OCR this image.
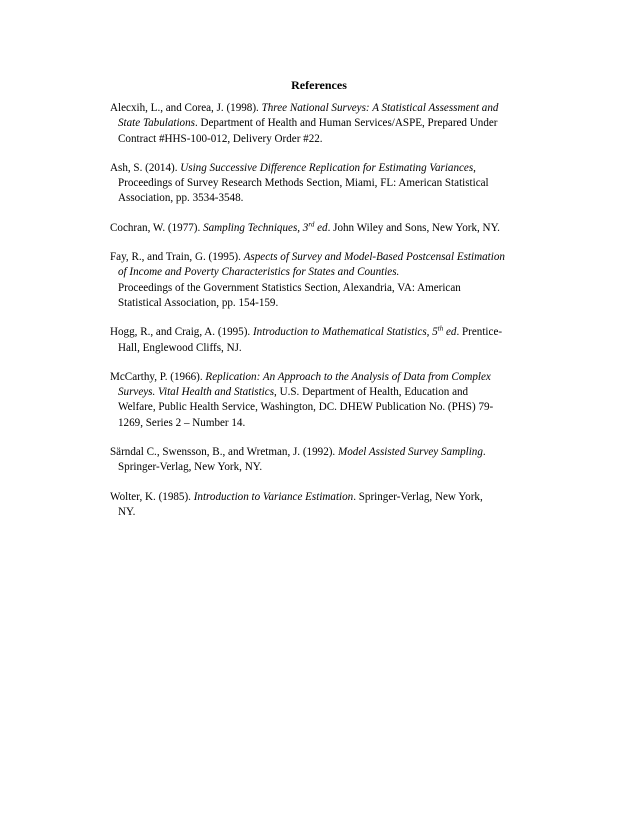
References
Alecxih, L., and Corea, J. (1998). Three National Surveys: A Statistical Assessment and
State Tabulations. Department of Health and Human Services/ASPE, Prepared Under
Contract #HHS-100-012, Delivery Order #22.
Ash, S. (2014). Using Successive Difference Replication for Estimating Variances,
Proceedings of Survey Research Methods Section, Miami, FL: American Statistical
Association, pp. 3534-3548.
Cochran, W. (1977). Sampling Techniques, 3rd ed. John Wiley and Sons, New York, NY.
Fay, R., and Train, G. (1995). Aspects of Survey and Model-Based Postcensal Estimation
of Income and Poverty Characteristics for States and Counties.
Proceedings of the Government Statistics Section, Alexandria, VA: American
Statistical Association, pp. 154-159.
Hogg, R., and Craig, A. (1995). Introduction to Mathematical Statistics, 5th ed. Prentice-
Hall, Englewood Cliffs, NJ.
McCarthy, P. (1966). Replication: An Approach to the Analysis of Data from Complex
Surveys. Vital Health and Statistics, U.S. Department of Health, Education and
Welfare, Public Health Service, Washington, DC. DHEW Publication No. (PHS) 79-
1269, Series 2 – Number 14.
Särndal C., Swensson, B., and Wretman, J. (1992). Model Assisted Survey Sampling.
Springer-Verlag, New York, NY.
Wolter, K. (1985). Introduction to Variance Estimation. Springer-Verlag, New York,
NY.
